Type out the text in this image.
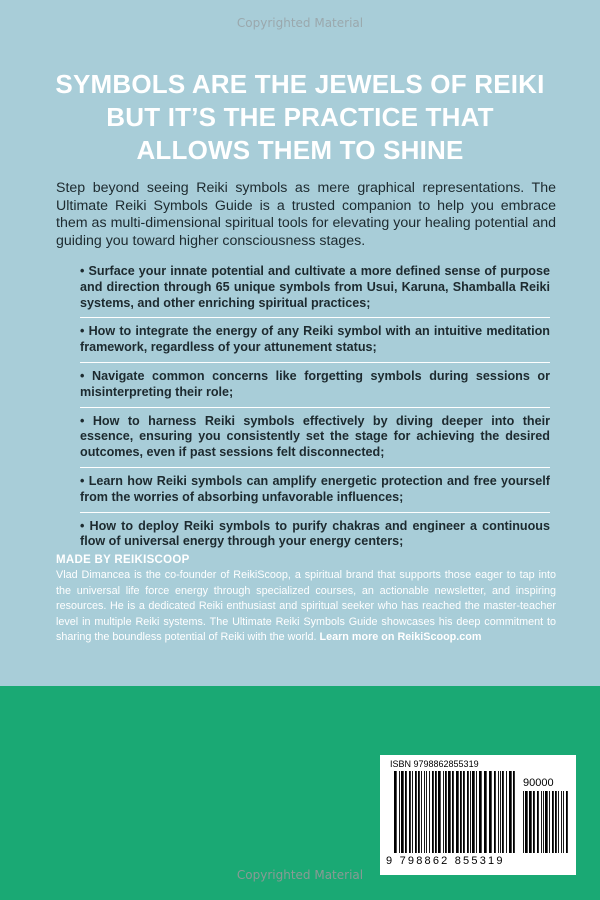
Copyrighted Material
SYMBOLS ARE THE JEWELS OF REIKI
BUT IT’S THE PRACTICE THAT
ALLOWS THEM TO SHINE
Step beyond seeing Reiki symbols as mere graphical representations. The Ultimate Reiki Symbols Guide is a trusted companion to help you embrace them as multi-dimensional spiritual tools for elevating your healing potential and guiding you toward higher consciousness stages.
• Surface your innate potential and cultivate a more defined sense of purpose and direction through 65 unique symbols from Usui, Karuna, Shamballa Reiki systems, and other enriching spiritual practices;
• How to integrate the energy of any Reiki symbol with an intuitive meditation framework, regardless of your attunement status;
• Navigate common concerns like forgetting symbols during sessions or misinterpreting their role;
• How to harness Reiki symbols effectively by diving deeper into their essence, ensuring you consistently set the stage for achieving the desired outcomes, even if past sessions felt disconnected;
• Learn how Reiki symbols can amplify energetic protection and free yourself from the worries of absorbing unfavorable influences;
• How to deploy Reiki symbols to purify chakras and engineer a continuous flow of universal energy through your energy centers;
MADE BY REIKISCOOP
Vlad Dimancea is the co-founder of ReikiScoop, a spiritual brand that supports those eager to tap into the universal life force energy through specialized courses, an actionable newsletter, and inspiring resources. He is a dedicated Reiki enthusiast and spiritual seeker who has reached the master-teacher level in multiple Reiki systems. The Ultimate Reiki Symbols Guide showcases his deep commitment to sharing the boundless potential of Reiki with the world. Learn more on ReikiScoop.com
ISBN 9798862855319
90000
9 798862 855319
Copyrighted Material
